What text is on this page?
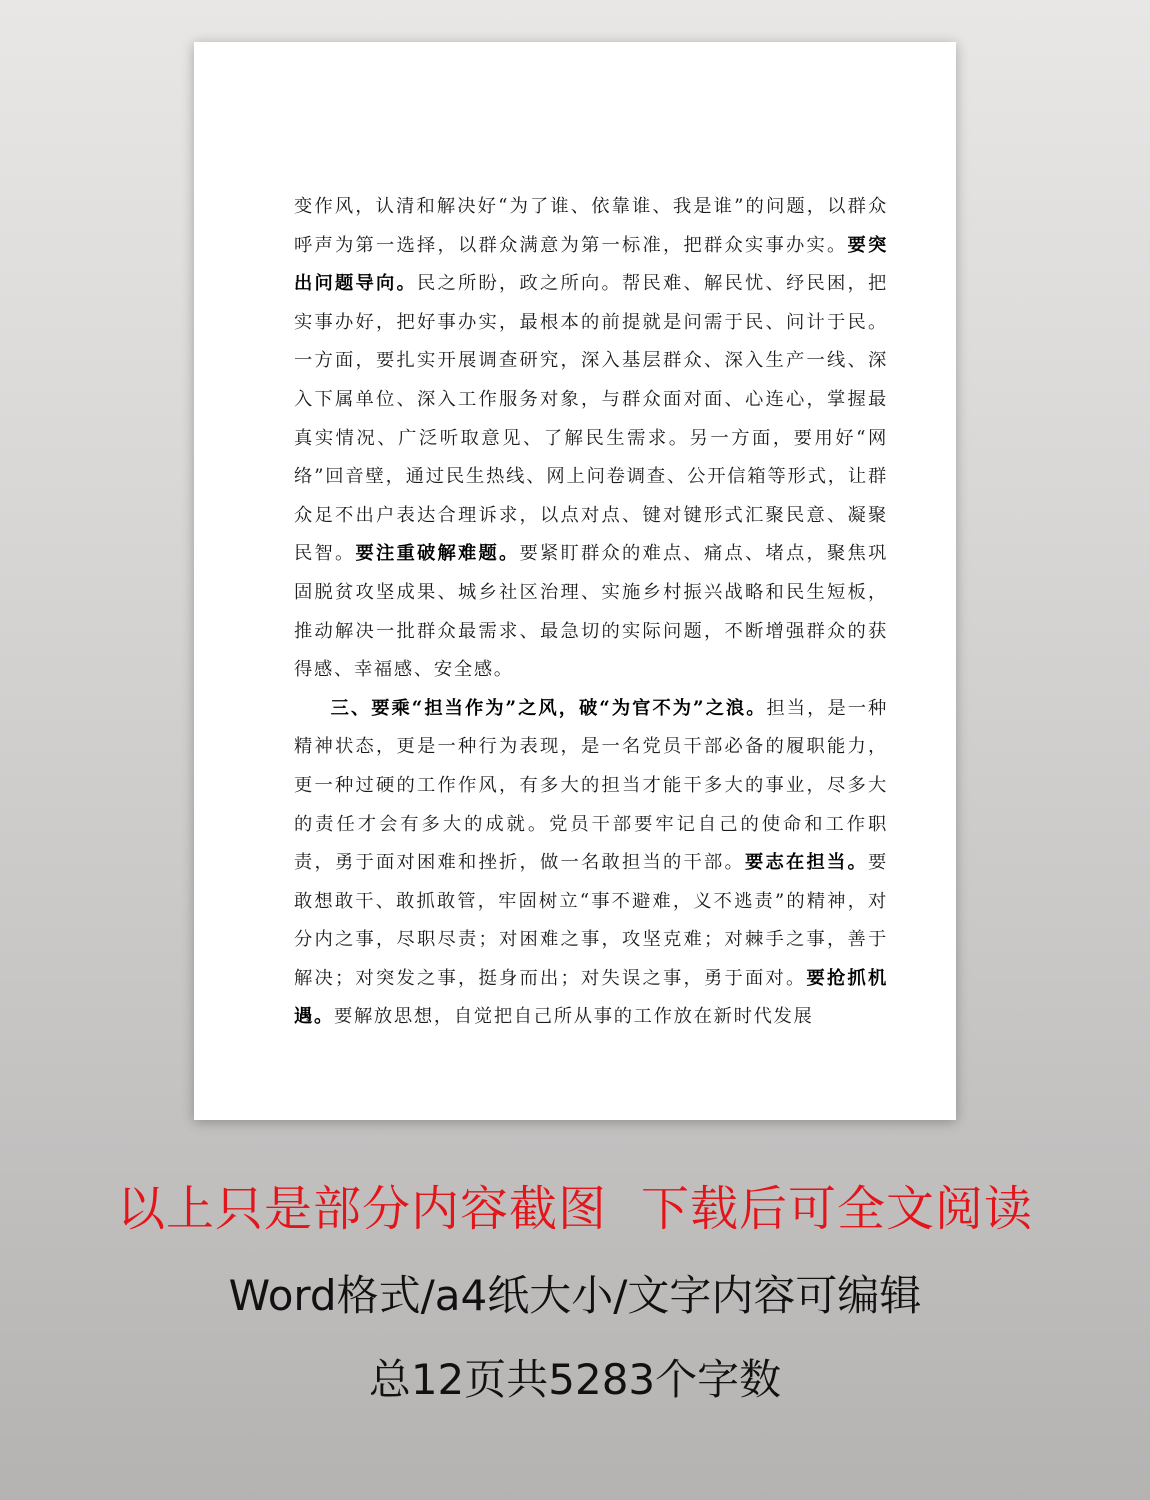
变作风，认清和解决好“为了谁、依靠谁、我是谁”的问题，以群众呼声为第一选择，以群众满意为第一标准，把群众实事办实。要突出问题导向。民之所盼，政之所向。帮民难、解民忧、纾民困，把实事办好，把好事办实，最根本的前提就是问需于民、问计于民。一方面，要扎实开展调查研究，深入基层群众、深入生产一线、深入下属单位、深入工作服务对象，与群众面对面、心连心，掌握最真实情况、广泛听取意见、了解民生需求。另一方面，要用好“网络”回音壁，通过民生热线、网上问卷调查、公开信箱等形式，让群众足不出户表达合理诉求，以点对点、键对键形式汇聚民意、凝聚民智。要注重破解难题。要紧盯群众的难点、痛点、堵点，聚焦巩固脱贫攻坚成果、城乡社区治理、实施乡村振兴战略和民生短板，推动解决一批群众最需求、最急切的实际问题，不断增强群众的获得感、幸福感、安全感。

三、要乘“担当作为”之风，破“为官不为”之浪。担当，是一种精神状态，更是一种行为表现，是一名党员干部必备的履职能力，更一种过硬的工作作风，有多大的担当才能干多大的事业，尽多大的责任才会有多大的成就。党员干部要牢记自己的使命和工作职责，勇于面对困难和挫折，做一名敢担当的干部。要志在担当。要敢想敢干、敢抓敢管，牢固树立“事不避难，义不逃责”的精神，对分内之事，尽职尽责；对困难之事，攻坚克难；对棘手之事，善于解决；对突发之事，挺身而出；对失误之事，勇于面对。要抢抓机遇。要解放思想，自觉把自己所从事的工作放在新时代发展

以上只是部分内容截图 下载后可全文阅读
Word格式/a4纸大小/文字内容可编辑
总12页共5283个字数
